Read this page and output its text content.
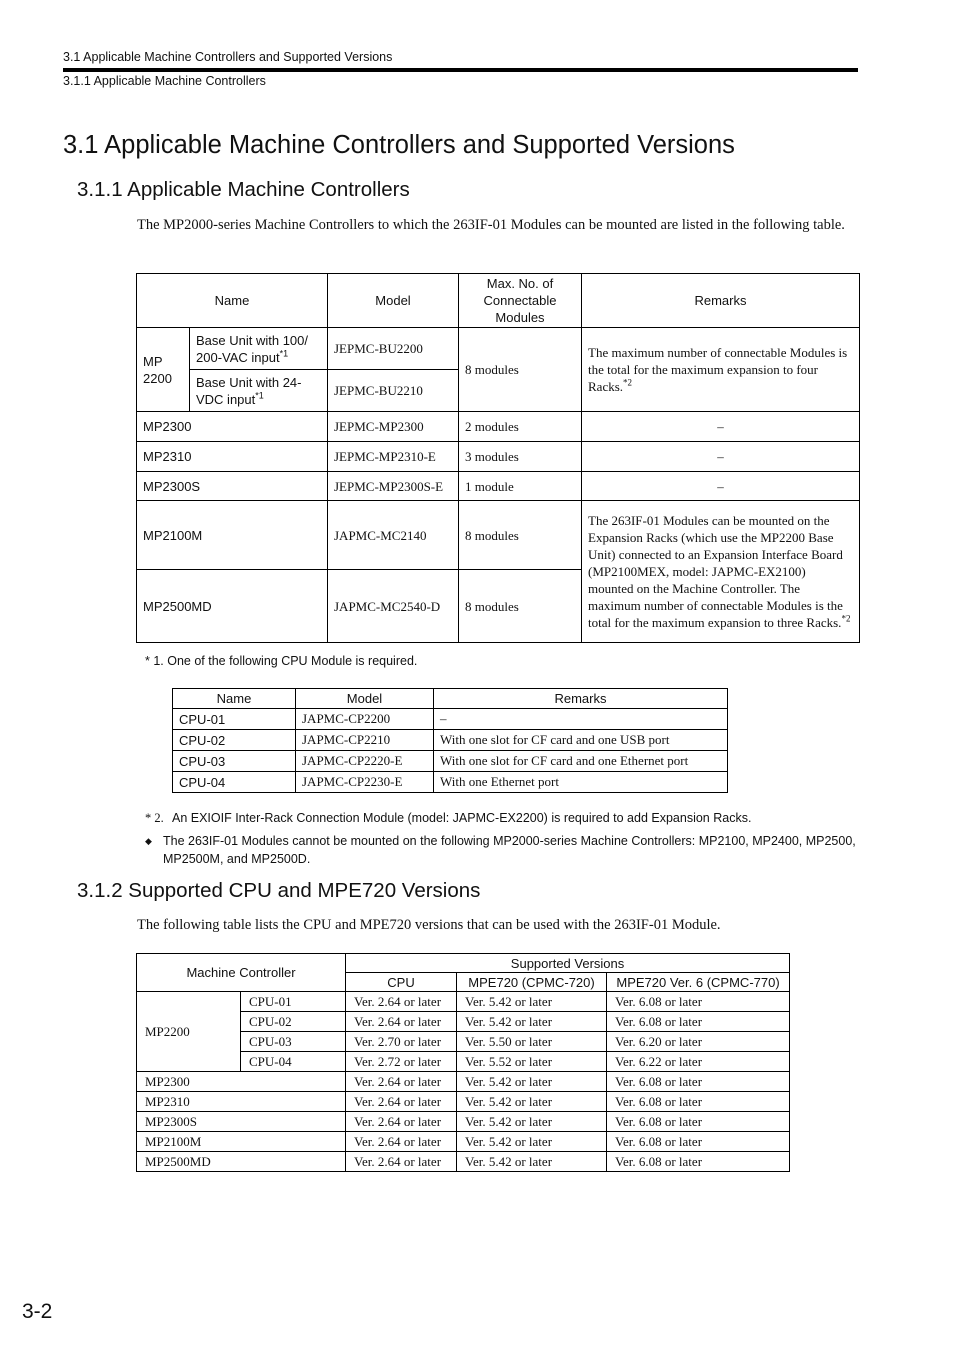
3.1 Applicable Machine Controllers and Supported Versions
3.1.1 Applicable Machine Controllers
3.1 Applicable Machine Controllers and Supported Versions
3.1.1 Applicable Machine Controllers

The MP2000-series Machine Controllers to which the 263IF-01 Modules can be mounted are listed in the following table.

Name		Model	Max. No. of Connectable Modules	Remarks
MP 2200	Base Unit with 100/ 200-VAC input$^{*1}$	JEPMC-BU2200	8 modules	The maximum number of connectable Modules is the total for the maximum expansion to four Racks.$^{*2}$
	Base Unit with 24-VDC input$^{*1}$	JEPMC-BU2210		
MP2300		JEPMC-MP2300	2 modules	–
MP2310		JEPMC-MP2310-E	3 modules	–
MP2300S		JEPMC-MP2300S-E	1 module	–
MP2100M		JAPMC-MC2140	8 modules	The 263IF-01 Modules can be mounted on the Expansion Racks (which use the MP2200 Base Unit) connected to an Expansion Interface Board (MP2100MEX, model: JAPMC-EX2100) mounted on the Machine Controller. The maximum number of connectable Modules is the total for the maximum expansion to three Racks.$^{*2}$
MP2500MD		JAPMC-MC2540-D	8 modules	
* 1. One of the following CPU Module is required.
Name	Model	Remarks
CPU-01	JAPMC-CP2200	–
CPU-02	JAPMC-CP2210	With one slot for CF card and one USB port
CPU-03	JAPMC-CP2220-E	With one slot for CF card and one Ethernet port
CPU-04	JAPMC-CP2230-E	With one Ethernet port
* 2. An EXIOIF Inter-Rack Connection Module (model: JAPMC-EX2200) is required to add Expansion Racks.
◆ The 263IF-01 Modules cannot be mounted on the following MP2000-series Machine Controllers: MP2100, MP2400, MP2500, MP2500M, and MP2500D.
3.1.2 Supported CPU and MPE720 Versions

The following table lists the CPU and MPE720 versions that can be used with the 263IF-01 Module.

Machine Controller		Supported Versions		
		CPU	MPE720 (CPMC-720)	MPE720 Ver. 6 (CPMC-770)
MP2200	CPU-01	Ver. 2.64 or later	Ver. 5.42 or later	Ver. 6.08 or later
	CPU-02	Ver. 2.64 or later	Ver. 5.42 or later	Ver. 6.08 or later
	CPU-03	Ver. 2.70 or later	Ver. 5.50 or later	Ver. 6.20 or later
	CPU-04	Ver. 2.72 or later	Ver. 5.52 or later	Ver. 6.22 or later
MP2300		Ver. 2.64 or later	Ver. 5.42 or later	Ver. 6.08 or later
MP2310		Ver. 2.64 or later	Ver. 5.42 or later	Ver. 6.08 or later
MP2300S		Ver. 2.64 or later	Ver. 5.42 or later	Ver. 6.08 or later
MP2100M		Ver. 2.64 or later	Ver. 5.42 or later	Ver. 6.08 or later
MP2500MD		Ver. 2.64 or later	Ver. 5.42 or later	Ver. 6.08 or later
3-2
